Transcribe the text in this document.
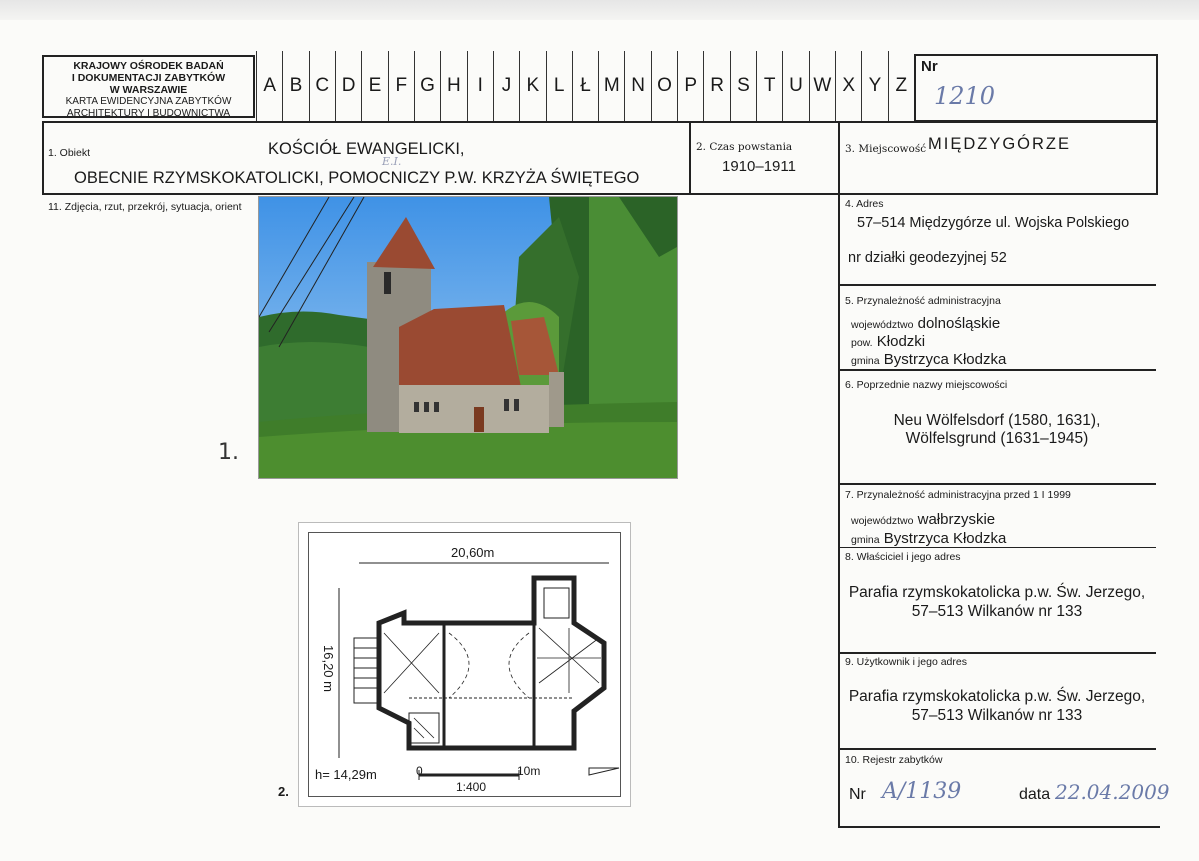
KRAJOWY OŚRODEK BADAŃ
I DOKUMENTACJI ZABYTKÓW
W WARSZAWIE
KARTA EWIDENCYJNA ZABYTKÓW
ARCHITEKTURY I BUDOWNICTWA
A B C D E F G H I J K L Ł M N O P R S T U W X Y Z
Nr
1210
1. Obiekt	KOŚCIÓŁ EWANGELICKI,
E.I.
OBECNIE RZYMSKOKATOLICKI, POMOCNICZY P.W. KRZYŻA ŚWIĘTEGO
2. Czas powstania
1910–1911
3. Miejscowość MIĘDZYGÓRZE
11. Zdjęcia, rzut, przekrój, sytuacja, orient
1.
2.
20,60m
16,20 m
h= 14,29m	0	10m
1:400
4. Adres
57–514 Międzygórze ul. Wojska Polskiego
nr działki geodezyjnej 52
5. Przynależność administracyjna
województwo dolnośląskie
pow. Kłodzki
gmina Bystrzyca Kłodzka
6. Poprzednie nazwy miejscowości
Neu Wölfelsdorf (1580, 1631),
Wölfelsgrund (1631–1945)
7. Przynależność administracyjna przed 1 I 1999
województwo wałbrzyskie
gmina Bystrzyca Kłodzka
8. Właściciel i jego adres
Parafia rzymskokatolicka p.w. Św. Jerzego,
57–513 Wilkanów nr 133
9. Użytkownik i jego adres
Parafia rzymskokatolicka p.w. Św. Jerzego,
57–513 Wilkanów nr 133
10. Rejestr zabytków
Nr A/1139	data 22.04.2009
